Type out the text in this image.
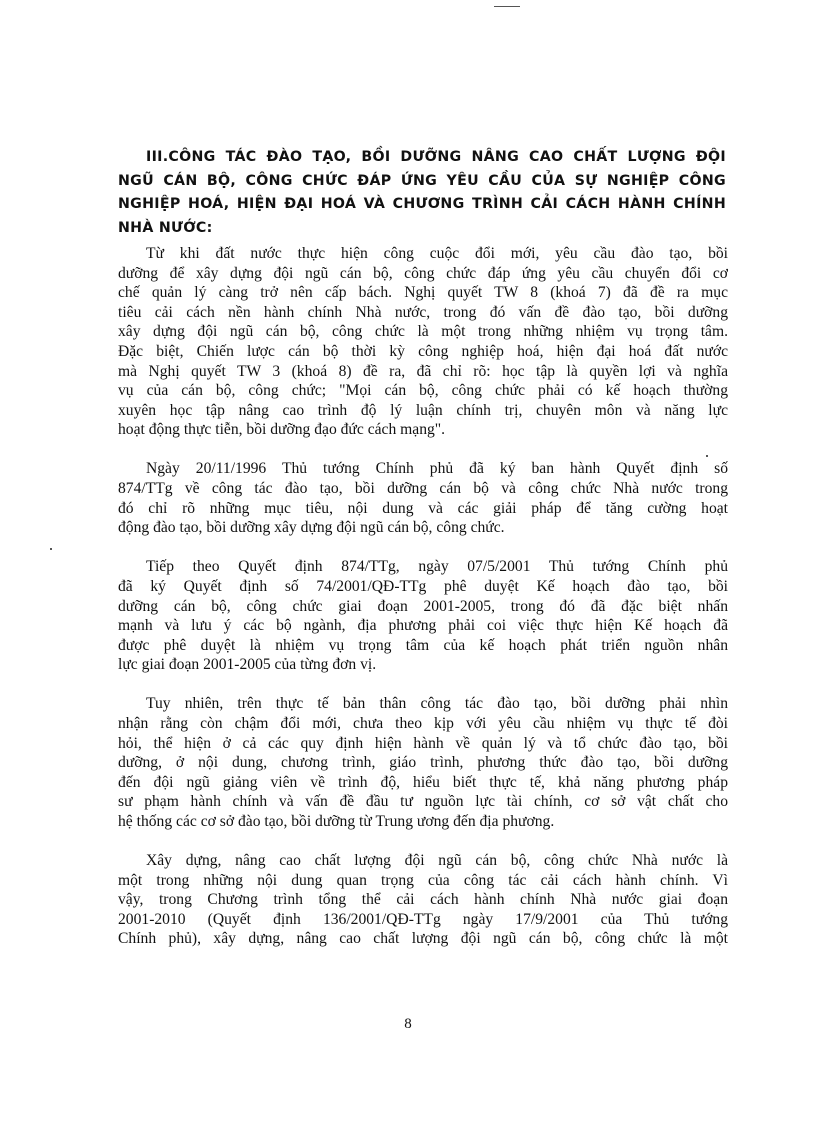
III.CÔNG TÁC ĐÀO TẠO, BỒI DƯỠNG NÂNG CAO CHẤT LƯỢNG ĐỘI
NGŨ CÁN BỘ, CÔNG CHỨC ĐÁP ỨNG YÊU CẦU CỦA SỰ NGHIỆP CÔNG
NGHIỆP HOÁ, HIỆN ĐẠI HOÁ VÀ CHƯƠNG TRÌNH CẢI CÁCH HÀNH CHÍNH
NHÀ NƯỚC:
Từ khi đất nước thực hiện công cuộc đổi mới, yêu cầu đào tạo, bồi
dưỡng để xây dựng đội ngũ cán bộ, công chức đáp ứng yêu cầu chuyển đổi cơ
chế quản lý càng trở nên cấp bách. Nghị quyết TW 8 (khoá 7) đã đề ra mục
tiêu cải cách nền hành chính Nhà nước, trong đó vấn đề đào tạo, bồi dưỡng
xây dựng đội ngũ cán bộ, công chức là một trong những nhiệm vụ trọng tâm.
Đặc biệt, Chiến lược cán bộ thời kỳ công nghiệp hoá, hiện đại hoá đất nước
mà Nghị quyết TW 3 (khoá 8) đề ra, đã chỉ rõ: học tập là quyền lợi và nghĩa
vụ của cán bộ, công chức; "Mọi cán bộ, công chức phải có kế hoạch thường
xuyên học tập nâng cao trình độ lý luận chính trị, chuyên môn và năng lực
hoạt động thực tiễn, bồi dưỡng đạo đức cách mạng".
Ngày 20/11/1996 Thủ tướng Chính phủ đã ký ban hành Quyết định số
874/TTg về công tác đào tạo, bồi dưỡng cán bộ và công chức Nhà nước trong
đó chỉ rõ những mục tiêu, nội dung và các giải pháp để tăng cường hoạt
động đào tạo, bồi dưỡng xây dựng đội ngũ cán bộ, công chức.
Tiếp theo Quyết định 874/TTg, ngày 07/5/2001 Thủ tướng Chính phủ
đã ký Quyết định số 74/2001/QĐ-TTg phê duyệt Kế hoạch đào tạo, bồi
dưỡng cán bộ, công chức giai đoạn 2001-2005, trong đó đã đặc biệt nhấn
mạnh và lưu ý các bộ ngành, địa phương phải coi việc thực hiện Kế hoạch đã
được phê duyệt là nhiệm vụ trọng tâm của kế hoạch phát triển nguồn nhân
lực giai đoạn 2001-2005 của từng đơn vị.
Tuy nhiên, trên thực tế bản thân công tác đào tạo, bồi dưỡng phải nhìn
nhận rằng còn chậm đổi mới, chưa theo kịp với yêu cầu nhiệm vụ thực tế đòi
hỏi, thể hiện ở cả các quy định hiện hành về quản lý và tổ chức đào tạo, bồi
dưỡng, ở nội dung, chương trình, giáo trình, phương thức đào tạo, bồi dưỡng
đến đội ngũ giảng viên về trình độ, hiểu biết thực tế, khả năng phương pháp
sư phạm hành chính và vấn đề đầu tư nguồn lực tài chính, cơ sở vật chất cho
hệ thống các cơ sở đào tạo, bồi dưỡng từ Trung ương đến địa phương.
Xây dựng, nâng cao chất lượng đội ngũ cán bộ, công chức Nhà nước là
một trong những nội dung quan trọng của công tác cải cách hành chính. Vì
vậy, trong Chương trình tổng thể cải cách hành chính Nhà nước giai đoạn
2001-2010 (Quyết định 136/2001/QĐ-TTg ngày 17/9/2001 của Thủ tướng
Chính phủ), xây dựng, nâng cao chất lượng đội ngũ cán bộ, công chức là một
8
